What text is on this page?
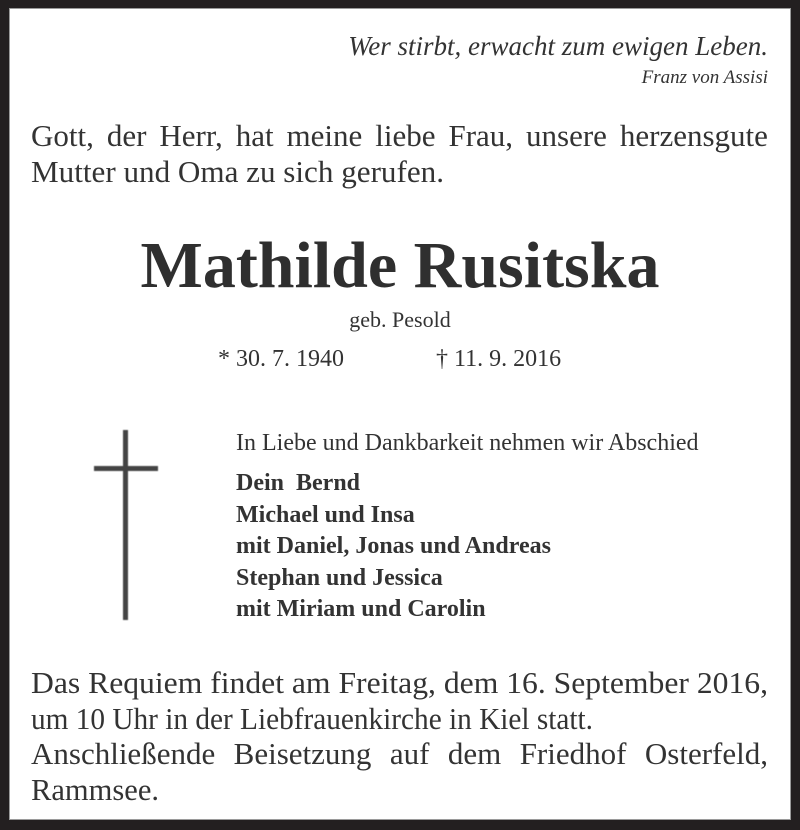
Wer stirbt, erwacht zum ewigen Leben.
Franz von Assisi
Gott, der Herr, hat meine liebe Frau, unsere herzensgute
Mutter und Oma zu sich gerufen.
Mathilde Rusitska
geb. Pesold
* 30. 7. 1940	† 11. 9. 2016
In Liebe und Dankbarkeit nehmen wir Abschied
Dein  Bernd
Michael und Insa
mit Daniel, Jonas und Andreas
Stephan und Jessica
mit Miriam und Carolin
Das Requiem findet am Freitag, dem 16. September 2016,
um 10 Uhr in der Liebfrauenkirche in Kiel statt.
Anschließende Beisetzung auf dem Friedhof Osterfeld,
Rammsee.
